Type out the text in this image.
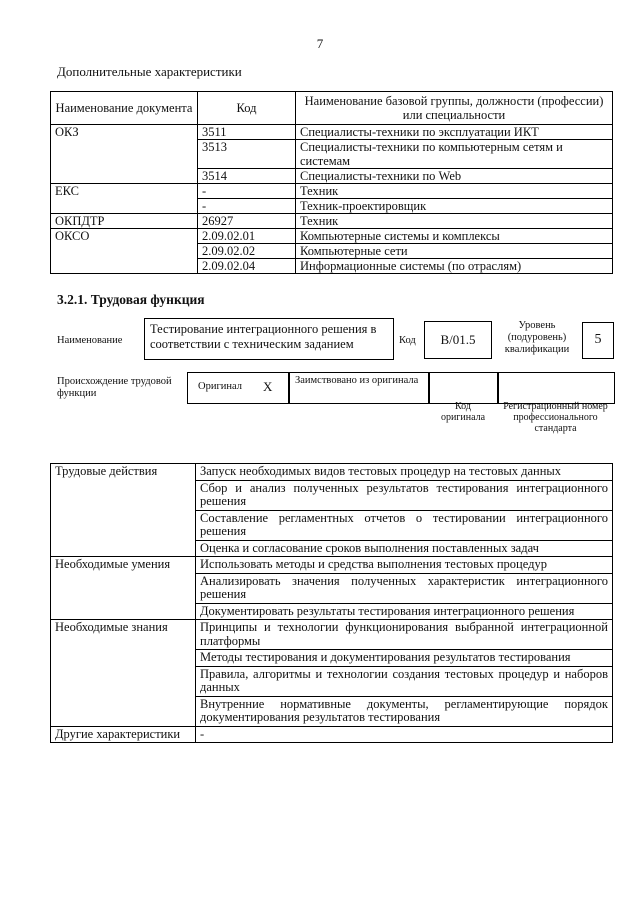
7
Дополнительные характеристики
Наименование документа	Код	Наименование базовой группы, должности (профессии) или специальности
ОКЗ	3511	Специалисты-техники по эксплуатации ИКТ
	3513	Специалисты-техники по компьютерным сетям и системам
	3514	Специалисты-техники по Web
ЕКС	-	Техник
	-	Техник-проектировщик
ОКПДТР	26927	Техник
ОКСО	2.09.02.01	Компьютерные системы и комплексы
	2.09.02.02	Компьютерные сети
	2.09.02.04	Информационные системы (по отраслям)
3.2.1. Трудовая функция
Наименование
Тестирование интеграционного решения в соответствии с техническим заданием	Код	B/01.5
Уровень (подуровень) квалификации
5
Происхождение трудовой функции
Оригинал X	Заимствовано из оригинала
Код оригинала
Регистрационный номер профессионального стандарта
Трудовые действия	Запуск необходимых видов тестовых процедур на тестовых данных
	Сбор и анализ полученных результатов тестирования интеграционного решения
	Составление регламентных отчетов о тестировании интеграционного решения
	Оценка и согласование сроков выполнения поставленных задач
Необходимые умения	Использовать методы и средства выполнения тестовых процедур
	Анализировать значения полученных характеристик интеграционного решения
	Документировать результаты тестирования интеграционного решения
Необходимые знания	Принципы и технологии функционирования выбранной интеграционной платформы
	Методы тестирования и документирования результатов тестирования
	Правила, алгоритмы и технологии создания тестовых процедур и наборов данных
	Внутренние нормативные документы, регламентирующие порядок документирования результатов тестирования
Другие характеристики	-
